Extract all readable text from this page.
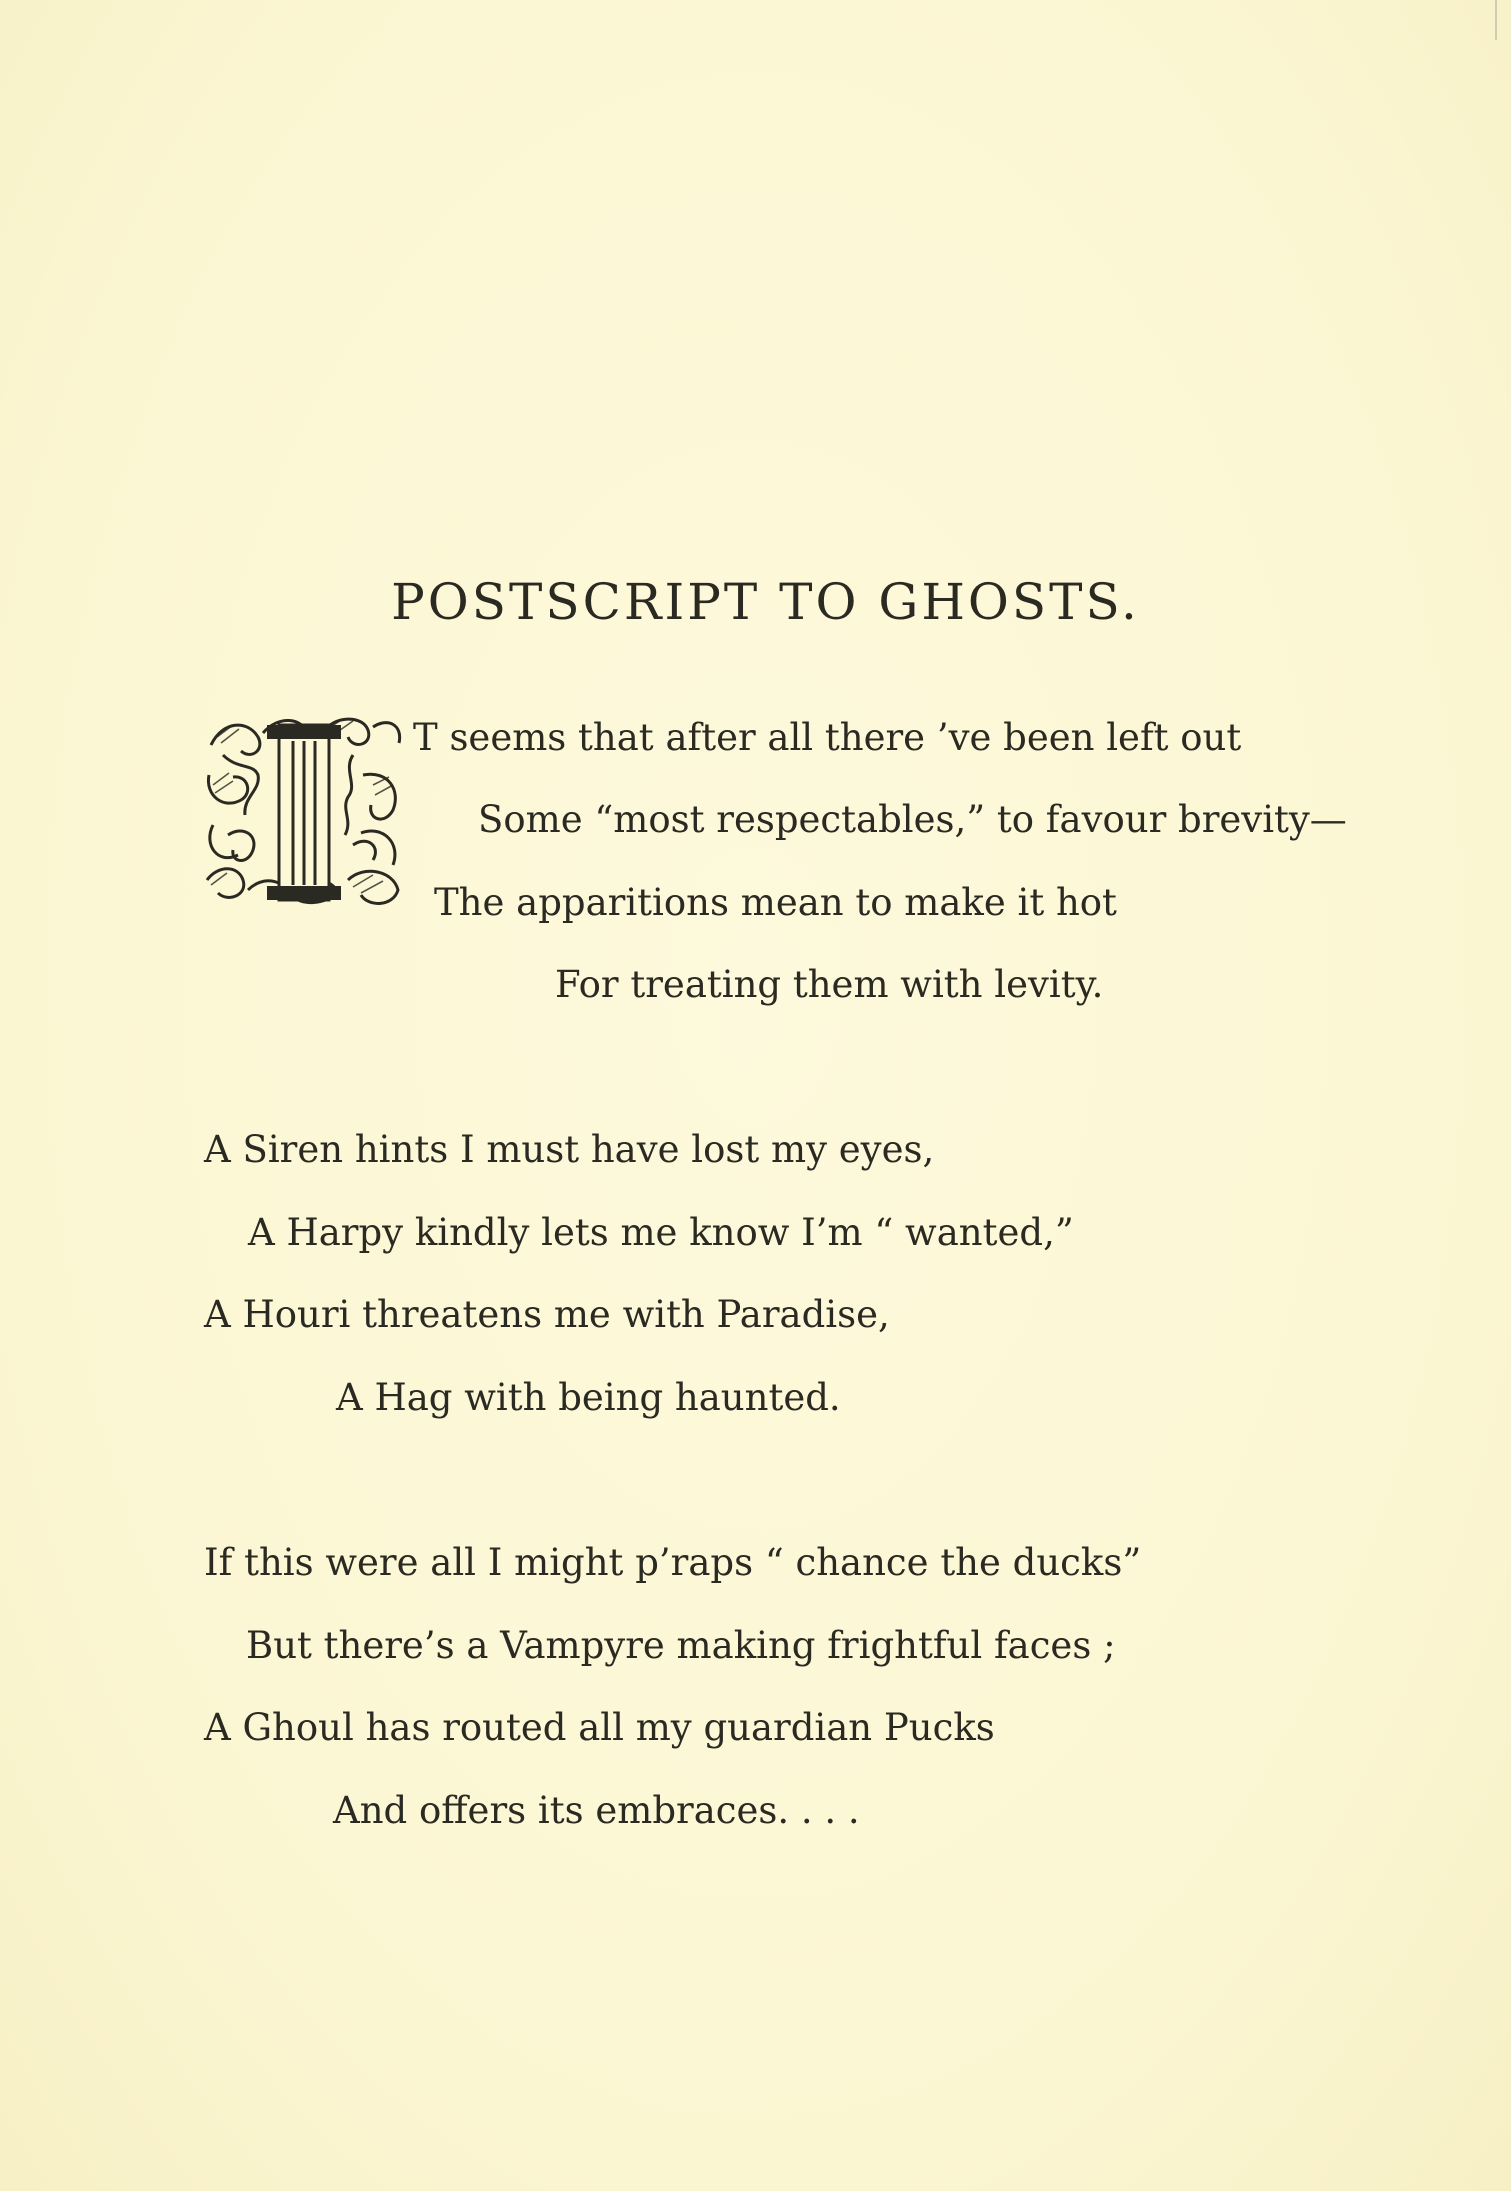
POSTSCRIPT TO GHOSTS.
T seems that after all there ’ve been left out
Some “most respectables,” to favour brevity—
The apparitions mean to make it hot
For treating them with levity.
A Siren hints I must have lost my eyes,
A Harpy kindly lets me know I’m “ wanted,”
A Houri threatens me with Paradise,
A Hag with being haunted.
If this were all I might p’raps “ chance the ducks”
But there’s a Vampyre making frightful faces ;
A Ghoul has routed all my guardian Pucks
And offers its embraces. . . .
